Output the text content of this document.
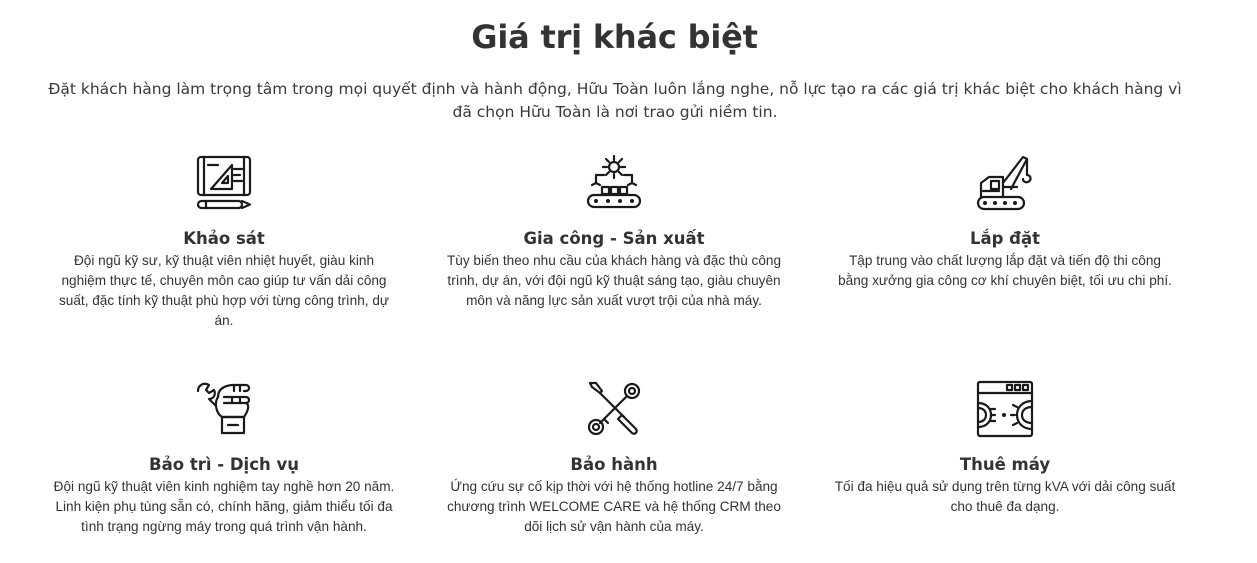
Giá trị khác biệt

Đặt khách hàng làm trọng tâm trong mọi quyết định và hành động, Hữu Toàn luôn lắng nghe, nỗ lực tạo ra các giá trị khác biệt cho khách hàng vì đã chọn Hữu Toàn là nơi trao gửi niềm tin.

Khảo sát
Đội ngũ kỹ sư, kỹ thuật viên nhiệt huyết, giàu kinh nghiệm thực tế, chuyên môn cao giúp tư vấn dải công suất, đặc tính kỹ thuật phù hợp với từng công trình, dự án.
Gia công - Sản xuất
Tùy biến theo nhu cầu của khách hàng và đặc thù công trình, dự án, với đội ngũ kỹ thuật sáng tạo, giàu chuyên môn và năng lực sản xuất vượt trội của nhà máy.
Lắp đặt
Tập trung vào chất lượng lắp đặt và tiến độ thi công bằng xưởng gia công cơ khí chuyên biệt, tối ưu chi phí.
Bảo trì - Dịch vụ
Đội ngũ kỹ thuật viên kinh nghiệm tay nghề hơn 20 năm. Linh kiện phụ tùng sẵn có, chính hãng, giảm thiểu tối đa tình trạng ngừng máy trong quá trình vận hành.
Bảo hành
Ứng cứu sự cố kịp thời với hệ thống hotline 24/7 bằng chương trình WELCOME CARE và hệ thống CRM theo dõi lịch sử vận hành của máy.
Thuê máy
Tối đa hiệu quả sử dụng trên từng kVA với dải công suất cho thuê đa dạng.
